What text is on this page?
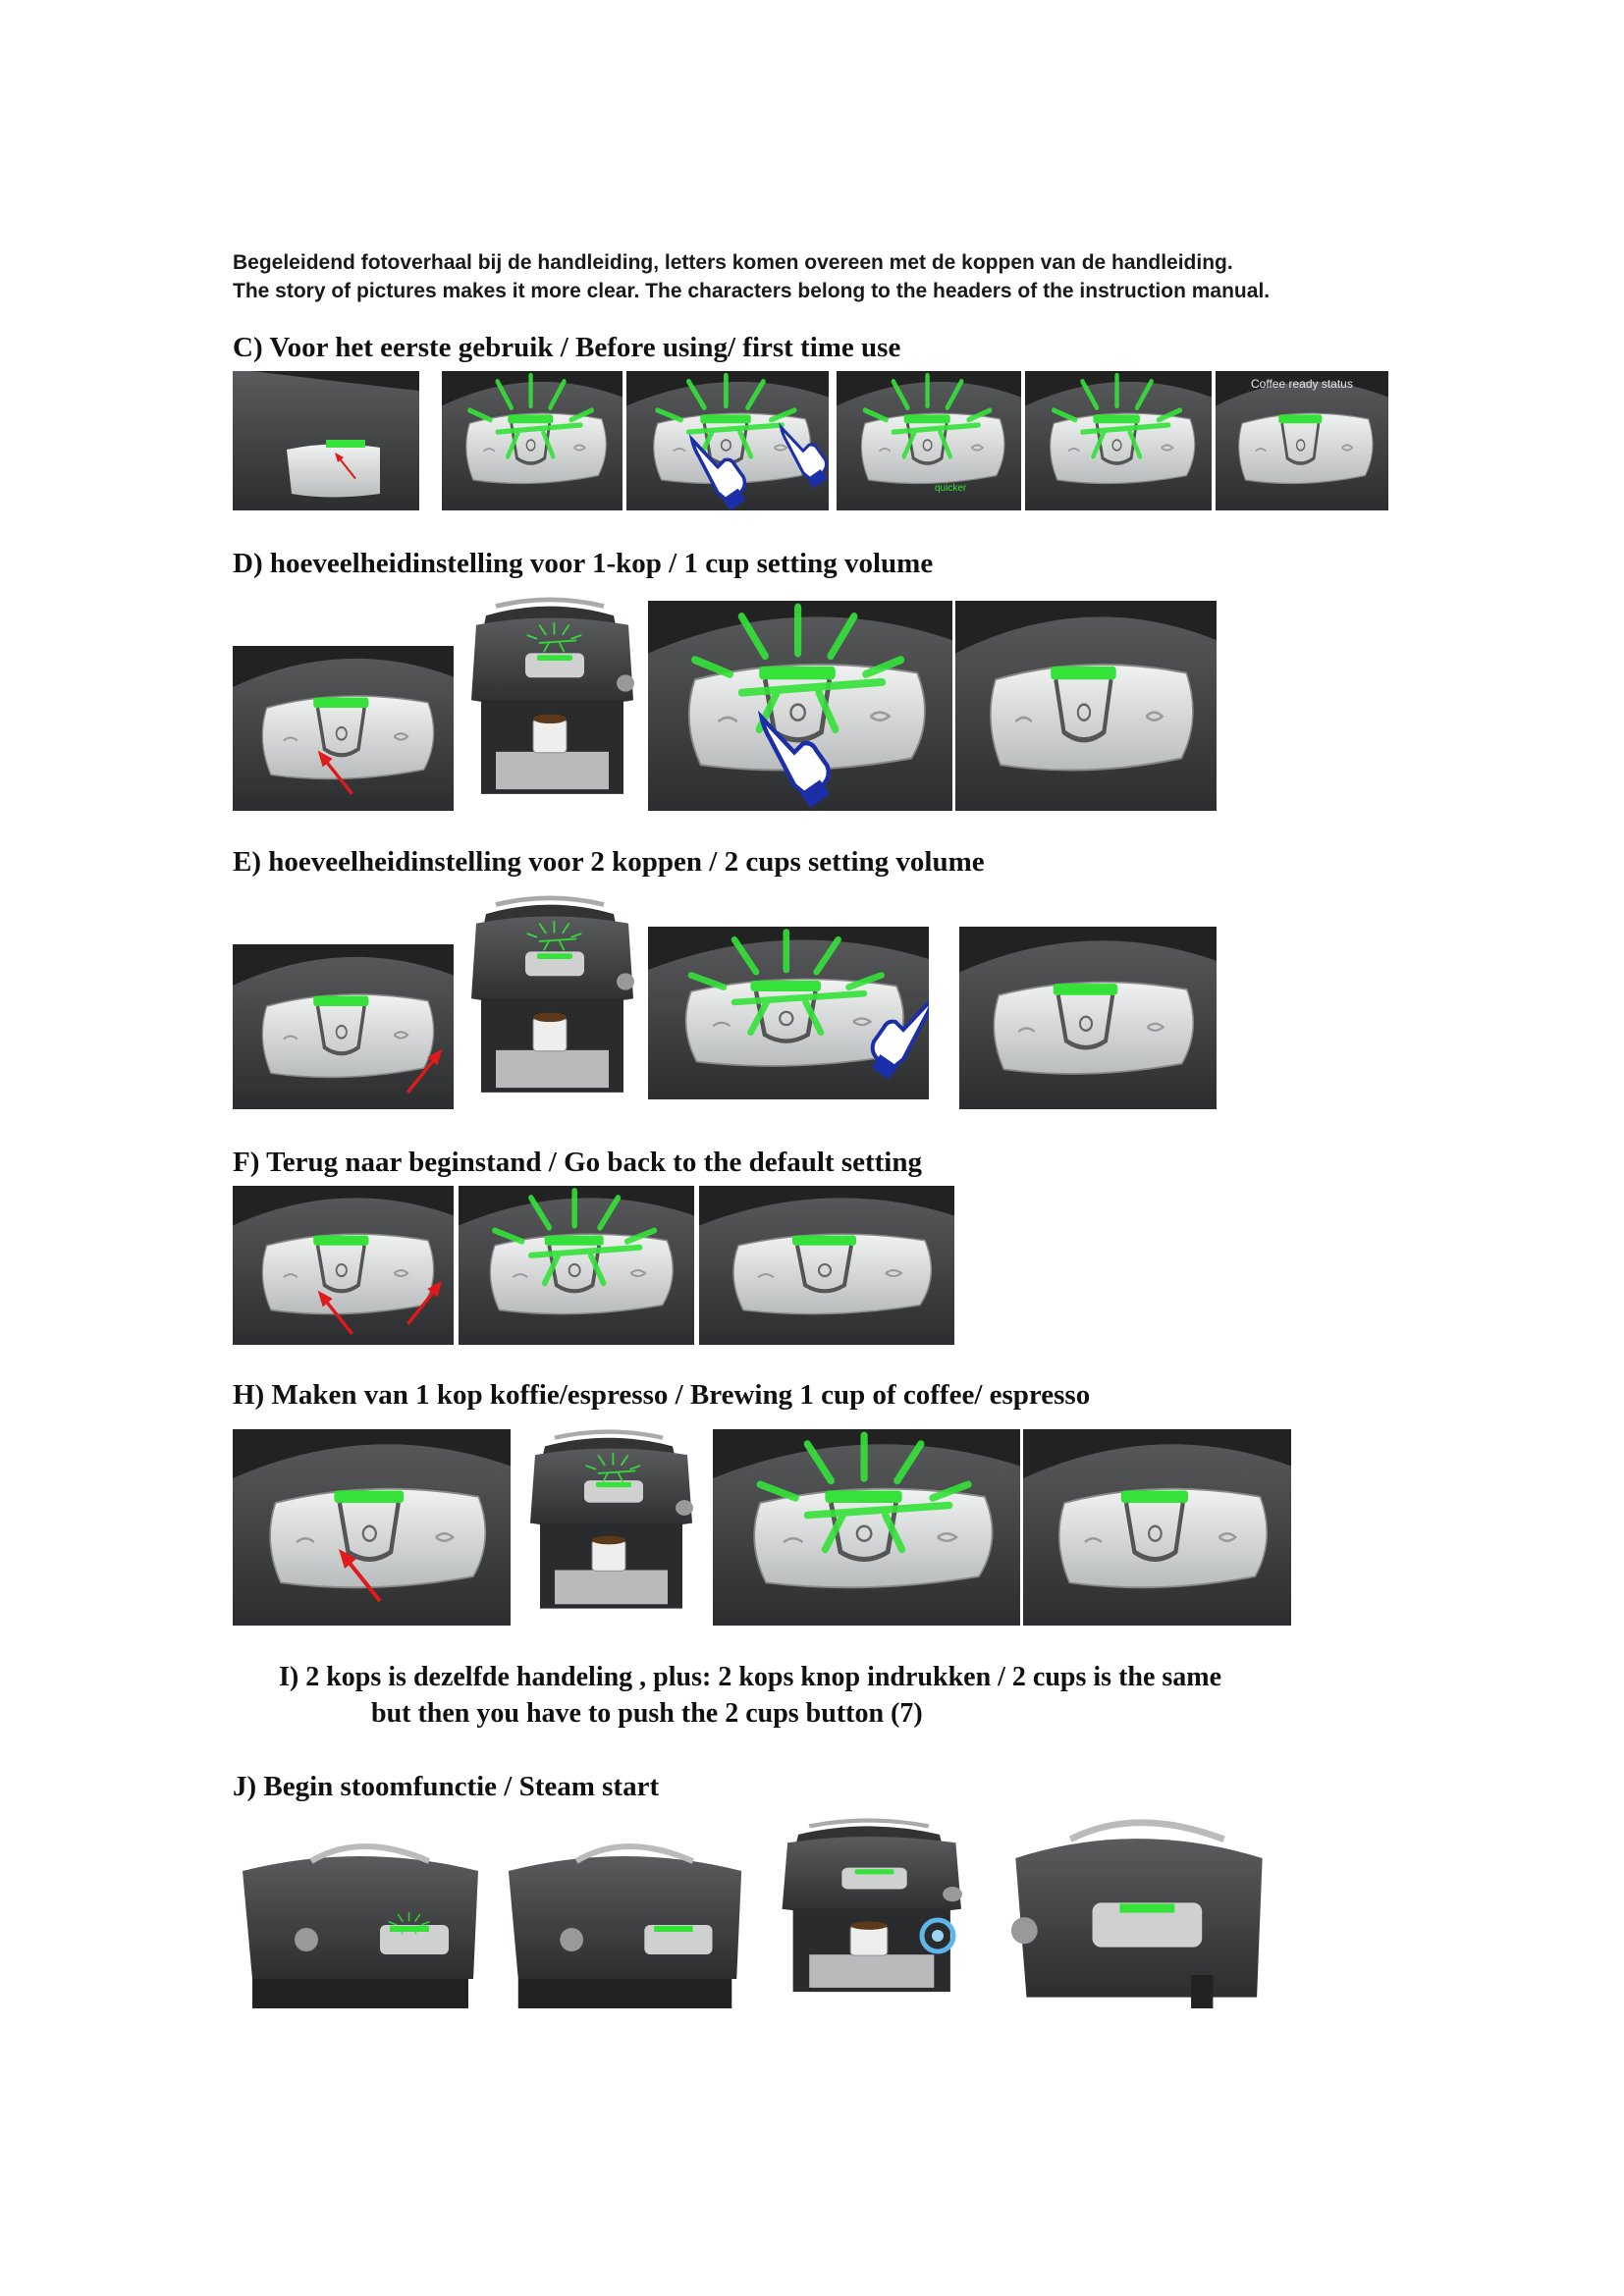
Begeleidend fotoverhaal bij de handleiding, letters komen overeen met de koppen van de handleiding.
The story of pictures makes it more clear. The characters belong to the headers of the instruction manual.
C) Voor het eerste gebruik / Before using/ first time use
quicker
Coffee ready status
D) hoeveelheidinstelling voor 1-kop / 1 cup setting volume
E) hoeveelheidinstelling voor 2 koppen / 2 cups setting volume
F) Terug naar beginstand / Go back to the default setting
H) Maken van 1 kop koffie/espresso / Brewing 1 cup of coffee/ espresso
I) 2 kops is dezelfde handeling , plus: 2 kops knop indrukken / 2 cups is the same
but then you have to push the 2 cups button (7)
J) Begin stoomfunctie / Steam start
